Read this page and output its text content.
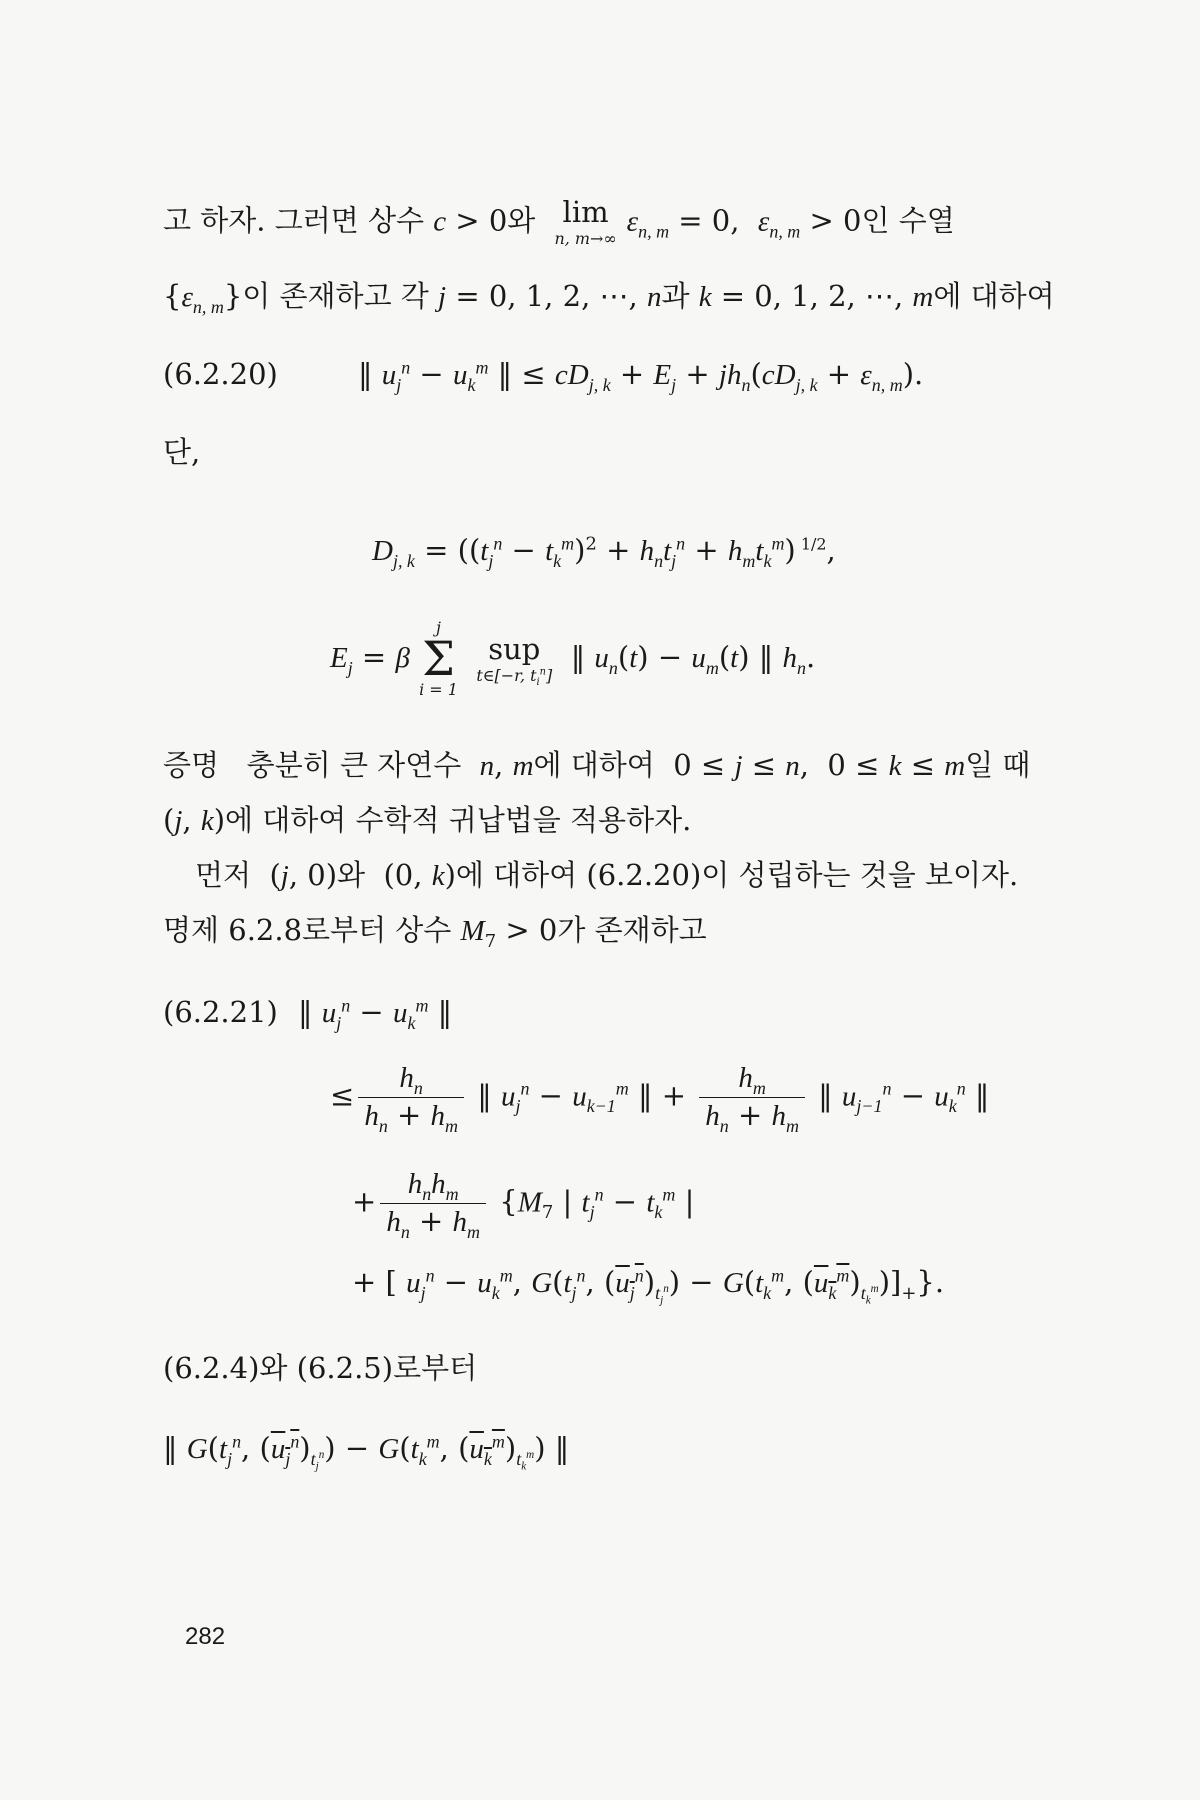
고 하자. 그러면 상수 c > 0와 lim
n, m→∞
$\varepsilon_{n, m} = 0$,  $\varepsilon_{n, m} > 0$인 수열
$\{\varepsilon_{n, m}\}$이 존재하고 각 j = 0, 1, 2, ⋯, n과 k = 0, 1, 2, ⋯, m에 대하여
(6.2.20)	‖ $u_j^n - u_k^m$ ‖ ≤ $cD_{j, k} + E_j + jh_n(cD_{j, k} + \varepsilon_{n, m})$.
단,
$D_{j, k} = ((t_j^n - t_k^m)^2 + h_nt_j^n + h_mt_k^m)$ $^{1/2}$,
$E_j = \beta$
j
Σ
i = 1

sup
t∈[−r, $t_i^n$]
‖ $u_n(t) - u_m(t)$ ‖ $h_n$.
증명   충분히 큰 자연수  n, m에 대하여  0 ≤ j ≤ n,  0 ≤ k ≤ m일 때
(j, k)에 대하여 수학적 귀납법을 적용하자.
먼저  (j, 0)와  (0, k)에 대하여 (6.2.20)이 성립하는 것을 보이자.
명제 6.2.8로부터 상수 $M_7 > 0$가 존재하고
(6.2.21) ‖ $u_j^n - u_k^m$ ‖
≤ $\frac{h_n}{h_n + h_m}$ ‖ $u_j^n - u_{k-1}^m$ ‖ + $\frac{h_m}{h_n + h_m}$ ‖ $u_{j-1}^n - u_k^n$ ‖
+ $\frac{h_nh_m}{h_n + h_m} \{M_7$ | $t_j^n - t_k^m$ |
+ [ $u_j^n - u_k^m$, $G(t_j^n$, $(u_j^n)_{t_j^n}) - G(t_k^m$, $(u_k^m)_{t_k^m})]_+$}.
(6.2.4)와 (6.2.5)로부터
‖ $G(t_j^n$, $(u_j^n)_{t_j^n}) - G(t_k^m$, $(u_k^m)_{t_k^m}$) ‖
282
